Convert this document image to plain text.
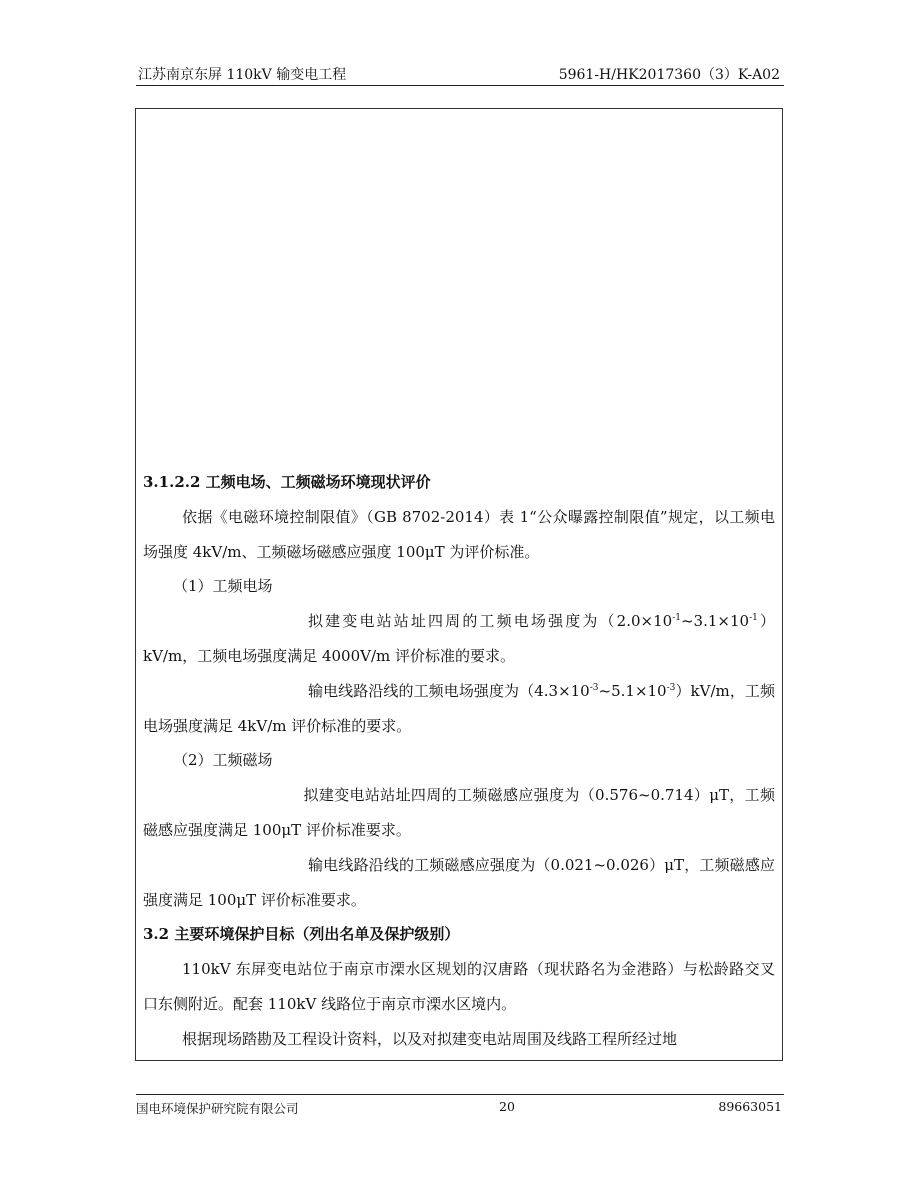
江苏南京东屏 110kV 输变电工程	5961-H/HK2017360（3）K-A02

3.1.2.2 工频电场、工频磁场环境现状评价

依据《电磁环境控制限值》（GB 8702-2014）表 1“公众曝露控制限值”规定，以工频电场强度 4kV/m、工频磁场磁感应强度 100μT 为评价标准。

（1）工频电场

拟建变电站站址四周的工频电场强度为$(2.0\times 10^{-1}\sim 3.1\times 10^{-1})kV/m$，工频电场强度满足 4000V/m 评价标准的要求。

输电线路沿线的工频电场强度为$(4.3\times 10^{-3}\sim 5.1\times 10^{-3})kV/m$，工频电场强度满足 4kV/m 评价标准的要求。

（2）工频磁场

拟建变电站站址四周的工频磁感应强度为（0.576~0.714）μT，工频磁感应强度满足 100μT 评价标准要求。

输电线路沿线的工频磁感应强度为（0.021~0.026）μT，工频磁感应强度满足 100μT 评价标准要求。

3.2 主要环境保护目标（列出名单及保护级别）

110kV 东屏变电站位于南京市溧水区规划的汉唐路（现状路名为金港路）与松龄路交叉口东侧附近。配套 110kV 线路位于南京市溧水区境内。

根据现场踏勘及工程设计资料，以及对拟建变电站周围及线路工程所经过地

国电环境保护研究院有限公司	20	89663051
